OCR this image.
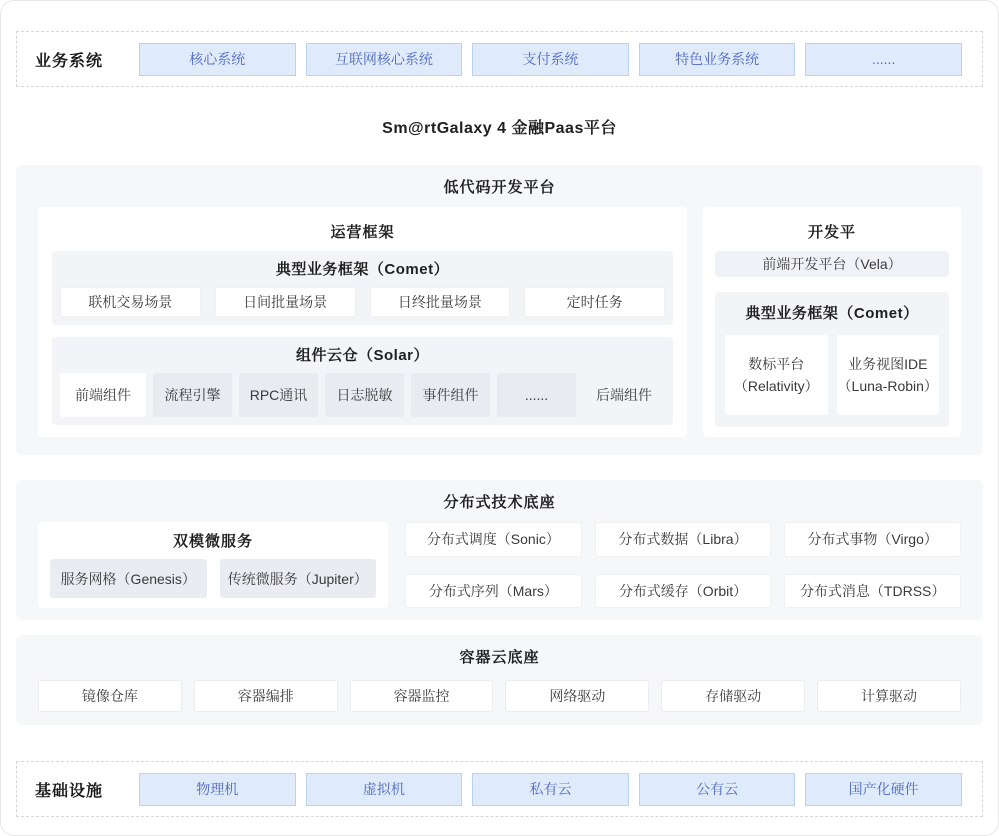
业务系统	核心系统	互联网核心系统	支付系统	特色业务系统	......
Sm@rtGalaxy 4 金融Paas平台
低代码开发平台
运营框架
典型业务框架（Comet）
联机交易场景	日间批量场景	日终批量场景	定时任务
组件云仓（Solar）
前端组件	流程引擎	RPC通讯	日志脱敏	事件组件	......	后端组件
开发平
前端开发平台（Vela）
典型业务框架（Comet）
数标平台
（Relativity）
业务视图IDE
（Luna-Robin）
分布式技术底座
双模微服务
服务网格（Genesis）	传统微服务（Jupiter）
分布式调度（Sonic）	分布式数据（Libra）	分布式事物（Virgo）
分布式序列（Mars）	分布式缓存（Orbit）	分布式消息（TDRSS）
容器云底座
镜像仓库	容器编排	容器监控	网络驱动	存储驱动	计算驱动
基础设施	物理机	虚拟机	私有云	公有云	国产化硬件
